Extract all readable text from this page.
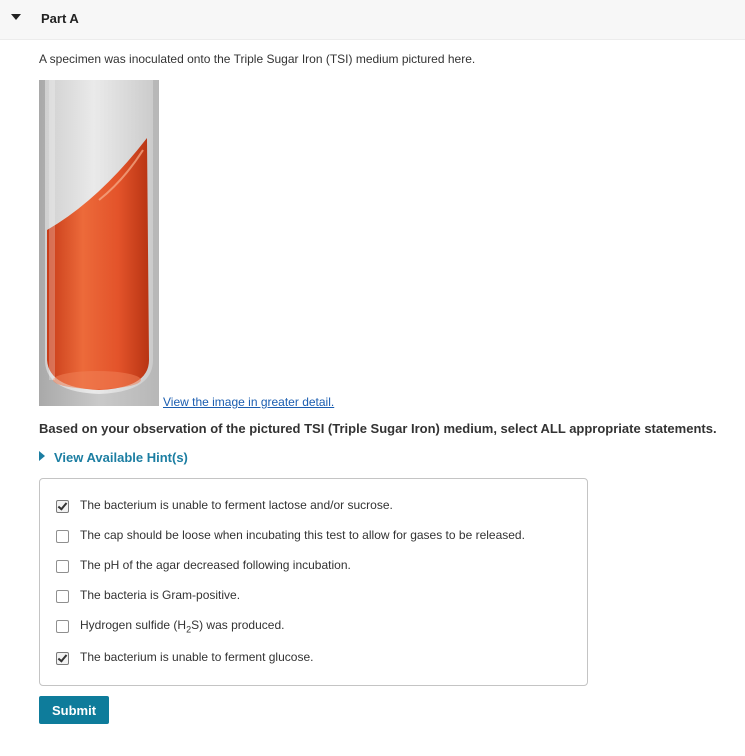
Part A
A specimen was inoculated onto the Triple Sugar Iron (TSI) medium pictured here.
View the image in greater detail.
Based on your observation of the pictured TSI (Triple Sugar Iron) medium, select ALL appropriate statements.
View Available Hint(s)
The bacterium is unable to ferment lactose and/or sucrose.
The cap should be loose when incubating this test to allow for gases to be released.
The pH of the agar decreased following incubation.
The bacteria is Gram-positive.
Hydrogen sulfide $(H_2S)$ was produced.
The bacterium is unable to ferment glucose.
Submit
